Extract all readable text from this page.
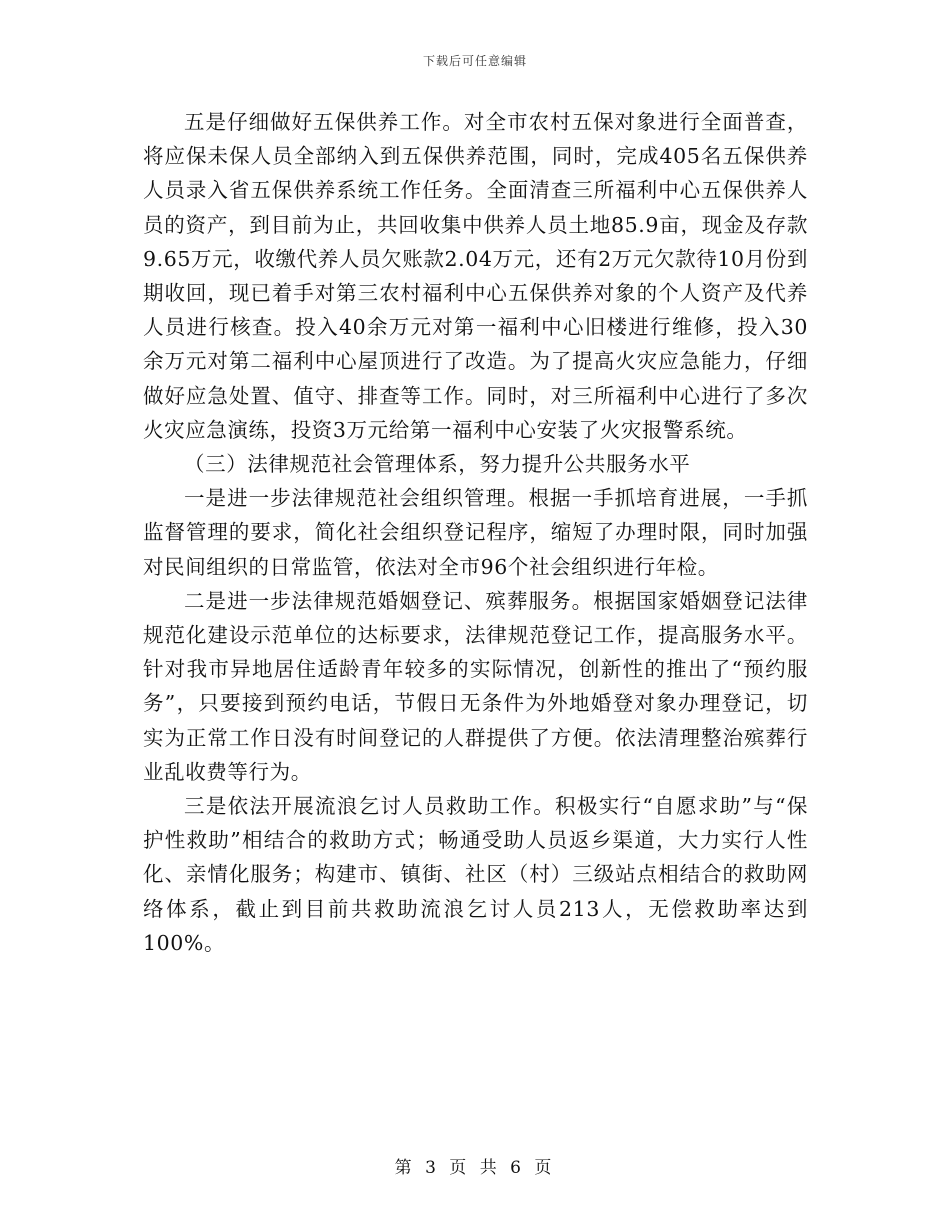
下载后可任意编辑

五是仔细做好五保供养工作。对全市农村五保对象进行全面普查，将应保未保人员全部纳入到五保供养范围，同时，完成405名五保供养人员录入省五保供养系统工作任务。全面清查三所福利中心五保供养人员的资产，到目前为止，共回收集中供养人员土地85.9亩，现金及存款9.65万元，收缴代养人员欠账款2.04万元，还有2万元欠款待10月份到期收回，现已着手对第三农村福利中心五保供养对象的个人资产及代养人员进行核查。投入40余万元对第一福利中心旧楼进行维修，投入30余万元对第二福利中心屋顶进行了改造。为了提高火灾应急能力，仔细做好应急处置、值守、排查等工作。同时，对三所福利中心进行了多次火灾应急演练，投资3万元给第一福利中心安装了火灾报警系统。

（三）法律规范社会管理体系，努力提升公共服务水平

一是进一步法律规范社会组织管理。根据一手抓培育进展，一手抓监督管理的要求，简化社会组织登记程序，缩短了办理时限，同时加强对民间组织的日常监管，依法对全市96个社会组织进行年检。

二是进一步法律规范婚姻登记、殡葬服务。根据国家婚姻登记法律规范化建设示范单位的达标要求，法律规范登记工作，提高服务水平。针对我市异地居住适龄青年较多的实际情况，创新性的推出了“预约服务”，只要接到预约电话，节假日无条件为外地婚登对象办理登记，切实为正常工作日没有时间登记的人群提供了方便。依法清理整治殡葬行业乱收费等行为。

三是依法开展流浪乞讨人员救助工作。积极实行“自愿求助”与“保护性救助”相结合的救助方式；畅通受助人员返乡渠道，大力实行人性化、亲情化服务；构建市、镇街、社区（村）三级站点相结合的救助网络体系，截止到目前共救助流浪乞讨人员213人，无偿救助率达到100%。

第 3 页 共 6 页
